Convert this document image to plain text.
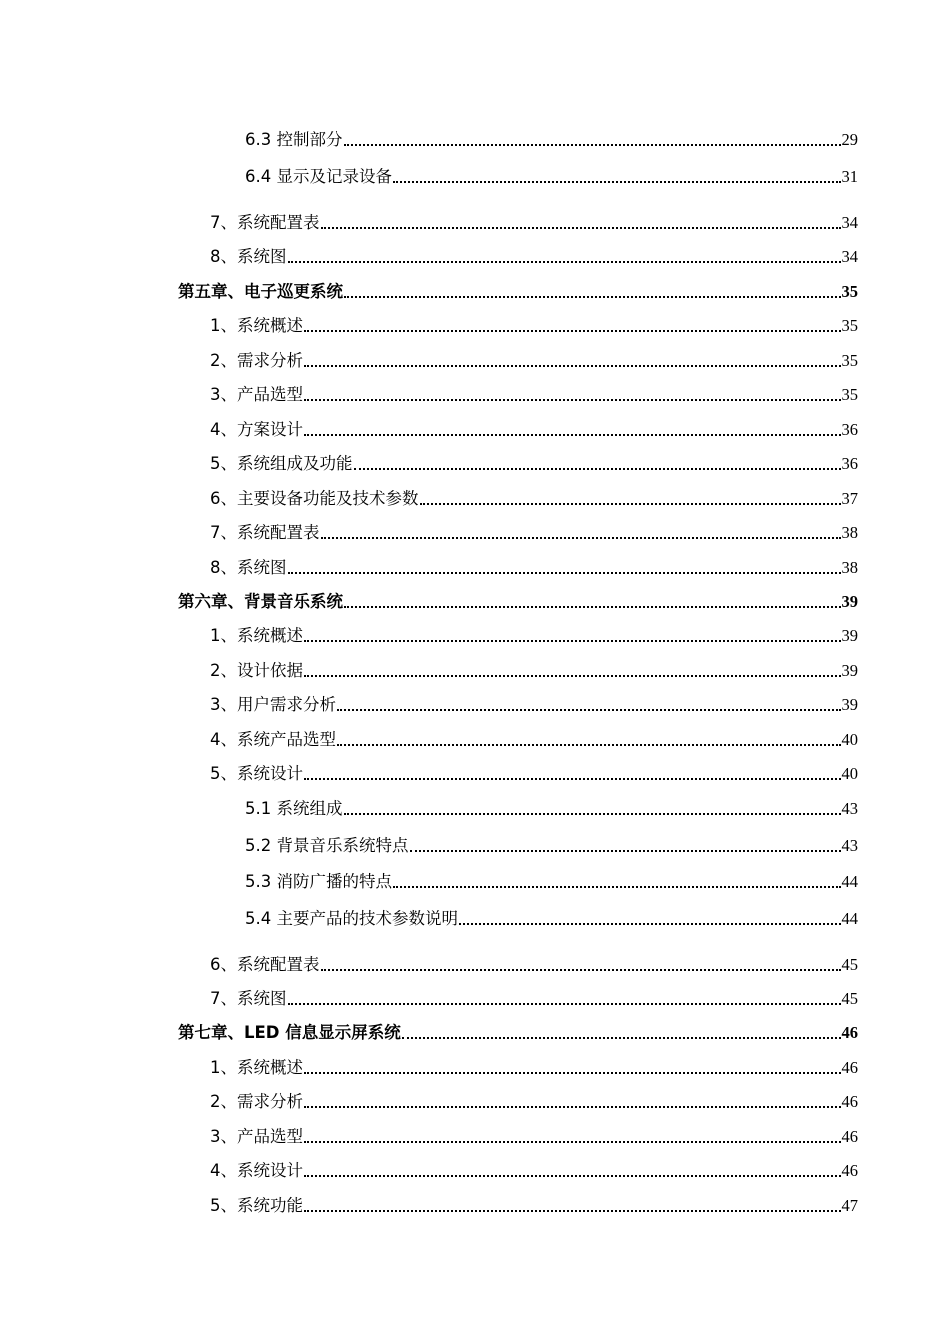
6.3 控制部分	29
6.4 显示及记录设备	31
7、系统配置表	34
8、系统图	34
第五章、电子巡更系统	35
1、系统概述	35
2、需求分析	35
3、产品选型	35
4、方案设计	36
5、系统组成及功能	36
6、主要设备功能及技术参数	37
7、系统配置表	38
8、系统图	38
第六章、背景音乐系统	39
1、系统概述	39
2、设计依据	39
3、用户需求分析	39
4、系统产品选型	40
5、系统设计	40
5.1 系统组成	43
5.2 背景音乐系统特点	43
5.3 消防广播的特点	44
5.4 主要产品的技术参数说明	44
6、系统配置表	45
7、系统图	45
第七章、LED 信息显示屏系统	46
1、系统概述	46
2、需求分析	46
3、产品选型	46
4、系统设计	46
5、系统功能	47
